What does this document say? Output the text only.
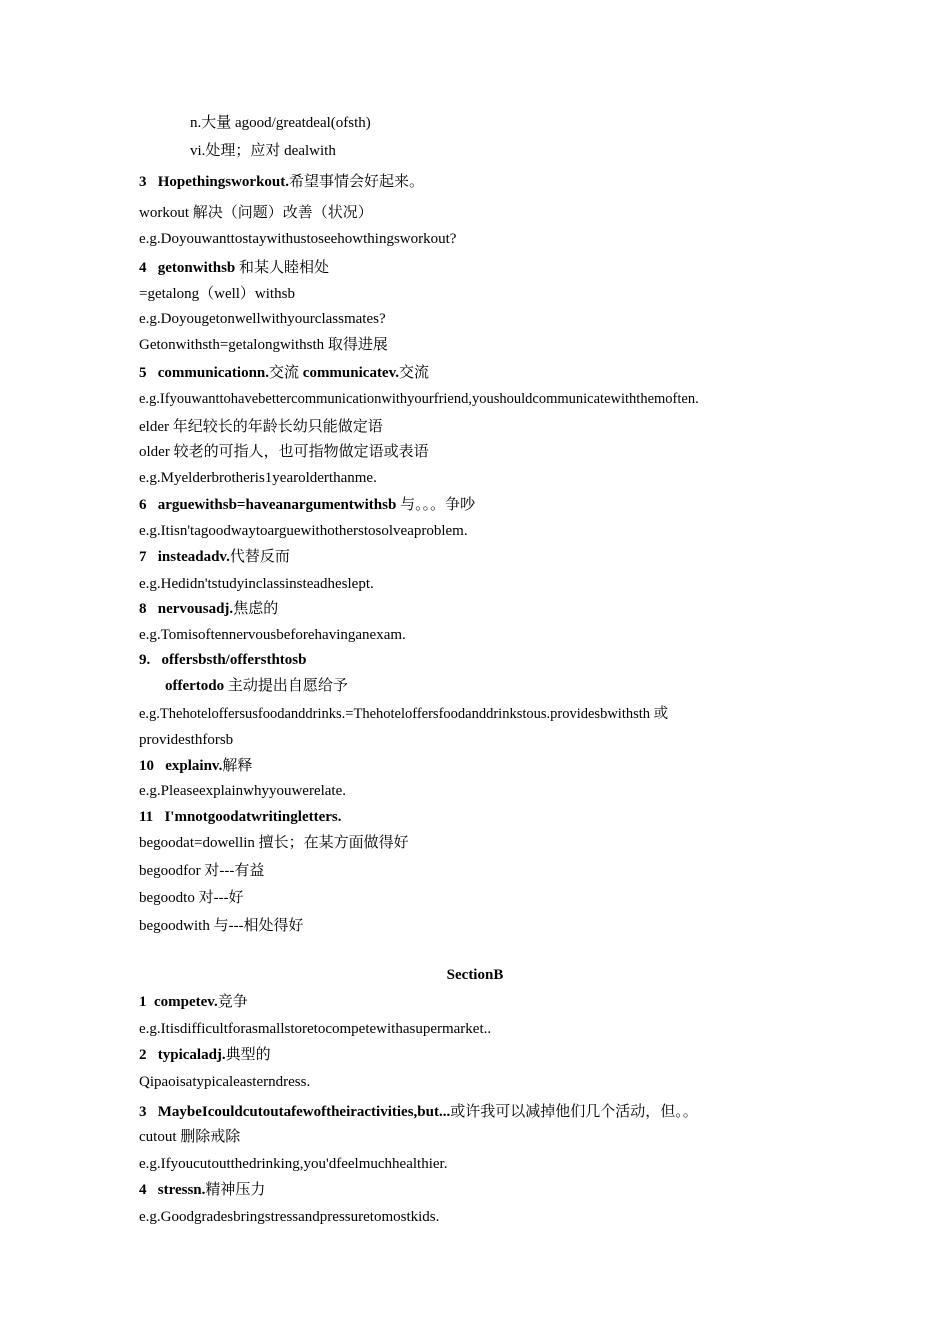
n.大量 agood/greatdeal(ofsth)
vi.处理；应对 dealwith
3 Hopethingsworkout.希望事情会好起来。
workout 解决（问题）改善（状况）
e.g.Doyouwanttostaywithustoseehowthingsworkout?
4 getonwithsb 和某人睦相处
=getalong（well）withsb
e.g.Doyougetonwellwithyourclassmates?
Getonwithsth=getalongwithsth 取得进展
5 communicationn.交流 communicatev.交流
e.g.Ifyouwanttohavebettercommunicationwithyourfriend,youshouldcommunicatewiththemoften.
elder 年纪较长的年龄长幼只能做定语
older 较老的可指人，也可指物做定语或表语
e.g.Myelderbrotheris1yearolderthanme.
6 arguewithsb=haveanargumentwithsb 与。。。争吵
e.g.Itisn'tagoodwaytoarguewithotherstosolveaproblem.
7 insteadadv.代替反而
e.g.Hedidn'tstudyinclassinsteadheslept.
8 nervousadj.焦虑的
e.g.Tomisoftennervousbeforehavinganexam.
9. offersbsth/offersthtosb
offertodo 主动提出自愿给予
e.g.Thehoteloffersusfoodanddrinks.=Thehoteloffersfoodanddrinkstous.providesbwithsth 或
providesthforsb
10 explainv.解释
e.g.Pleaseexplainwhyyouwerelate.
11 I'mnotgoodatwritingletters.
begoodat=dowellin 擅长；在某方面做得好
begoodfor 对---有益
begoodto 对---好
begoodwith 与---相处得好
SectionB
1 competev.竞争
e.g.Itisdifficultforasmallstoretocompetewithasupermarket..
2 typicaladj.典型的
Qipaoisatypicaleasterndress.
3 MaybeIcouldcutoutafewoftheiractivities,but...或许我可以减掉他们几个活动，但。。
cutout 删除戒除
e.g.Ifyoucutoutthedrinking,you'dfeelmuchhealthier.
4 stressn.精神压力
e.g.Goodgradesbringstressandpressuretomostkids.
